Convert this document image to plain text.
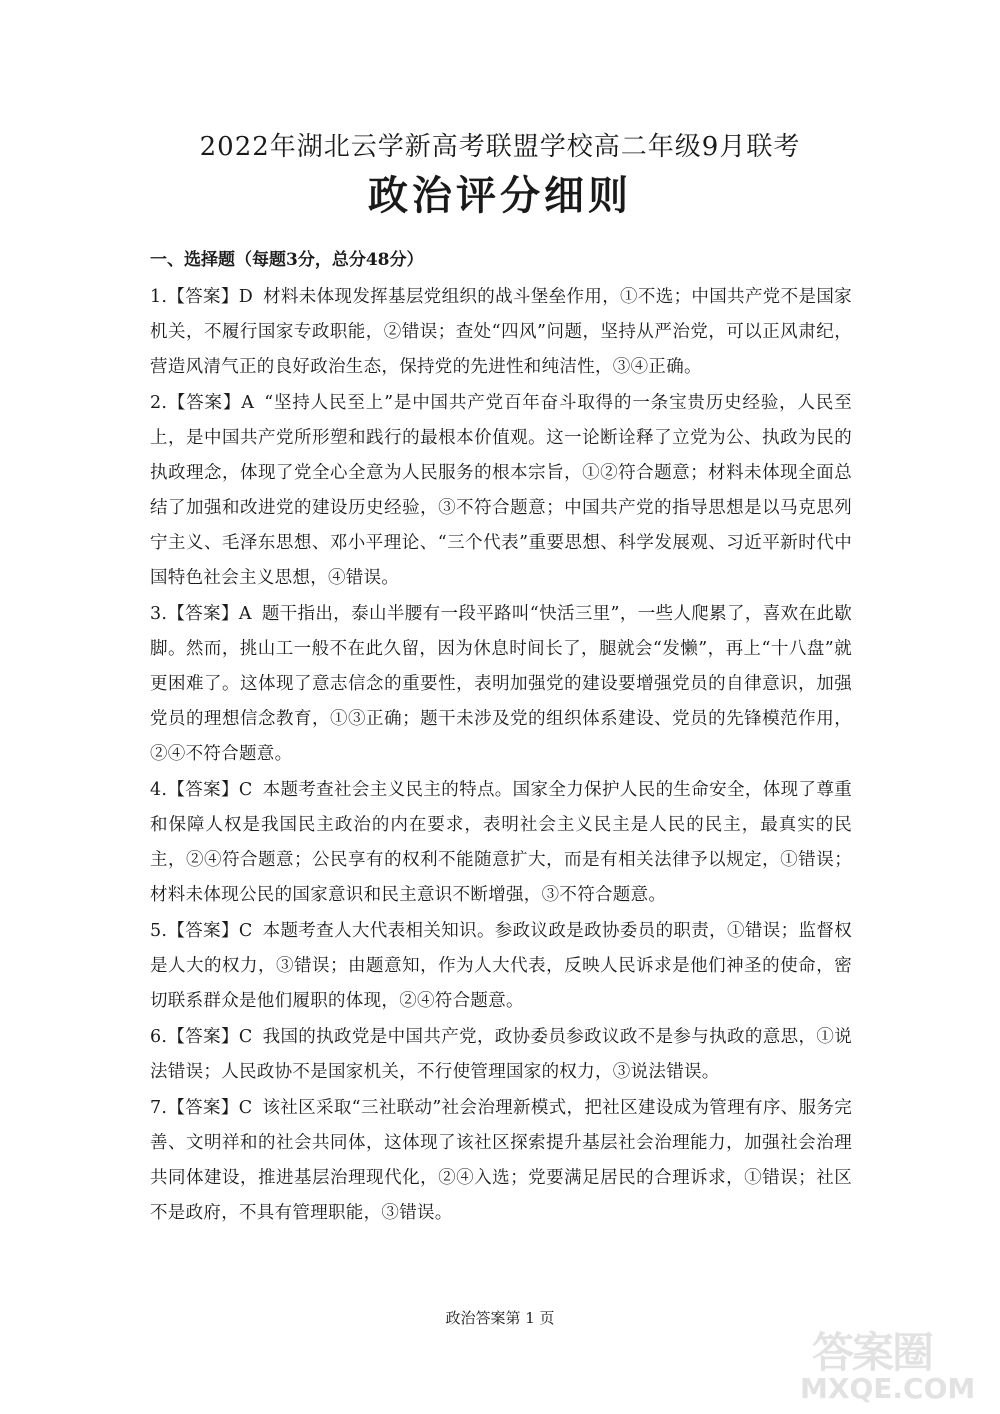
2022年湖北云学新高考联盟学校高二年级9月联考
政治评分细则
一、选择题（每题3分，总分48分）

1.【答案】D 材料未体现发挥基层党组织的战斗堡垒作用，①不选；中国共产党不是国家机关，不履行国家专政职能，②错误；查处“四风”问题，坚持从严治党，可以正风肃纪，营造风清气正的良好政治生态，保持党的先进性和纯洁性，③④正确。

2.【答案】A “坚持人民至上”是中国共产党百年奋斗取得的一条宝贵历史经验，人民至上，是中国共产党所形塑和践行的最根本价值观。这一论断诠释了立党为公、执政为民的执政理念，体现了党全心全意为人民服务的根本宗旨，①②符合题意；材料未体现全面总结了加强和改进党的建设历史经验，③不符合题意；中国共产党的指导思想是以马克思列宁主义、毛泽东思想、邓小平理论、“三个代表”重要思想、科学发展观、习近平新时代中国特色社会主义思想，④错误。

3.【答案】A 题干指出，泰山半腰有一段平路叫“快活三里”，一些人爬累了，喜欢在此歇脚。然而，挑山工一般不在此久留，因为休息时间长了，腿就会“发懒”，再上“十八盘”就更困难了。这体现了意志信念的重要性，表明加强党的建设要增强党员的自律意识，加强党员的理想信念教育，①③正确；题干未涉及党的组织体系建设、党员的先锋模范作用，②④不符合题意。

4.【答案】C 本题考查社会主义民主的特点。国家全力保护人民的生命安全，体现了尊重和保障人权是我国民主政治的内在要求，表明社会主义民主是人民的民主，最真实的民主，②④符合题意；公民享有的权利不能随意扩大，而是有相关法律予以规定，①错误；材料未体现公民的国家意识和民主意识不断增强，③不符合题意。

5.【答案】C 本题考查人大代表相关知识。参政议政是政协委员的职责，①错误；监督权是人大的权力，③错误；由题意知，作为人大代表，反映人民诉求是他们神圣的使命，密切联系群众是他们履职的体现，②④符合题意。

6.【答案】C 我国的执政党是中国共产党，政协委员参政议政不是参与执政的意思，①说法错误；人民政协不是国家机关，不行使管理国家的权力，③说法错误。

7.【答案】C 该社区采取“三社联动”社会治理新模式，把社区建设成为管理有序、服务完善、文明祥和的社会共同体，这体现了该社区探索提升基层社会治理能力，加强社会治理共同体建设，推进基层治理现代化，②④入选；党要满足居民的合理诉求，①错误；社区不是政府，不具有管理职能，③错误。

政治答案第 1 页
答案圈
MXQE.COM
